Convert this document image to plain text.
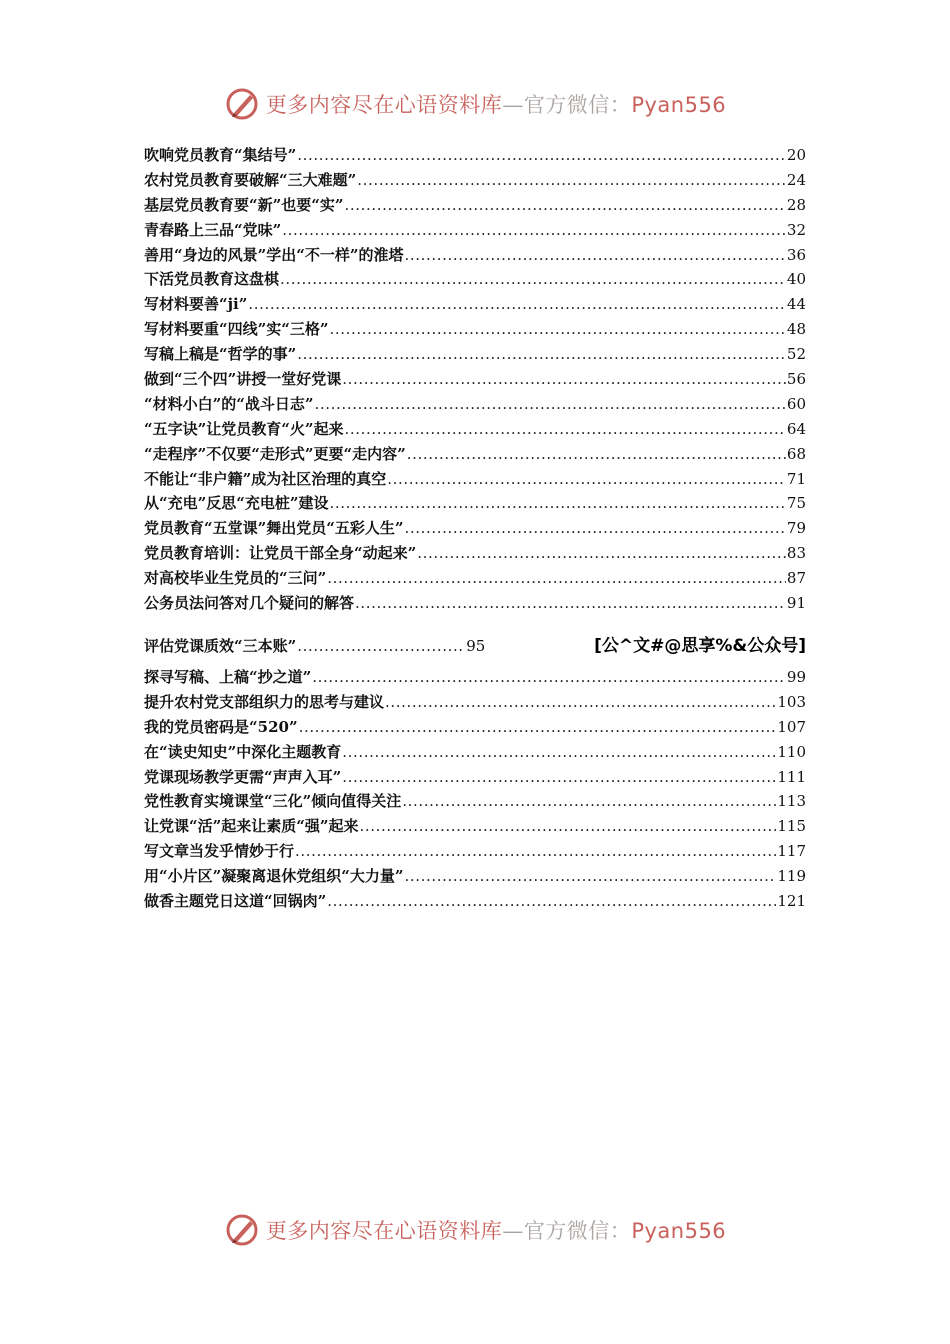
更多内容尽在心语资料库—官方微信：Pyan556
吹响党员教育“集结号” .....	20
农村党员教育要破解“三大难题” .....	24
基层党员教育要“新”也要“实” .....	28
青春路上三品“党味” .....	32
善用“身边的风景”学出“不一样”的淮塔 .....	36
下活党员教育这盘棋 .....	40
写材料要善“ji” .....	44
写材料要重“四线”实“三格” .....	48
写稿上稿是“哲学的事” .....	52
做到“三个四”讲授一堂好党课 .....	56
“材料小白”的“战斗日志” .....	60
“五字诀”让党员教育“火”起来 .....	64
“走程序”不仅要“走形式”更要“走内容” .....	68
不能让“非户籍”成为社区治理的真空 .....	71
从“充电”反思“充电桩”建设 .....	75
党员教育“五堂课”舞出党员“五彩人生” .....	79
党员教育培训：让党员干部全身“动起来” .....	83
对高校毕业生党员的“三问” .....	87
公务员法问答对几个疑问的解答 .....	91
评估党课质效“三本账” .....	95	[公^文#@思享%&公众号]
探寻写稿、上稿“抄之道” .....	99
提升农村党支部组织力的思考与建议 .....	103
我的党员密码是“520” .....	107
在“读史知史”中深化主题教育 .....	110
党课现场教学更需“声声入耳” .....	111
党性教育实境课堂“三化”倾向值得关注 .....	113
让党课“活”起来让素质“强”起来 .....	115
写文章当发乎情妙于行 .....	117
用“小片区”凝聚离退休党组织“大力量” .....	119
做香主题党日这道“回锅肉” .....	121
更多内容尽在心语资料库—官方微信：Pyan556
